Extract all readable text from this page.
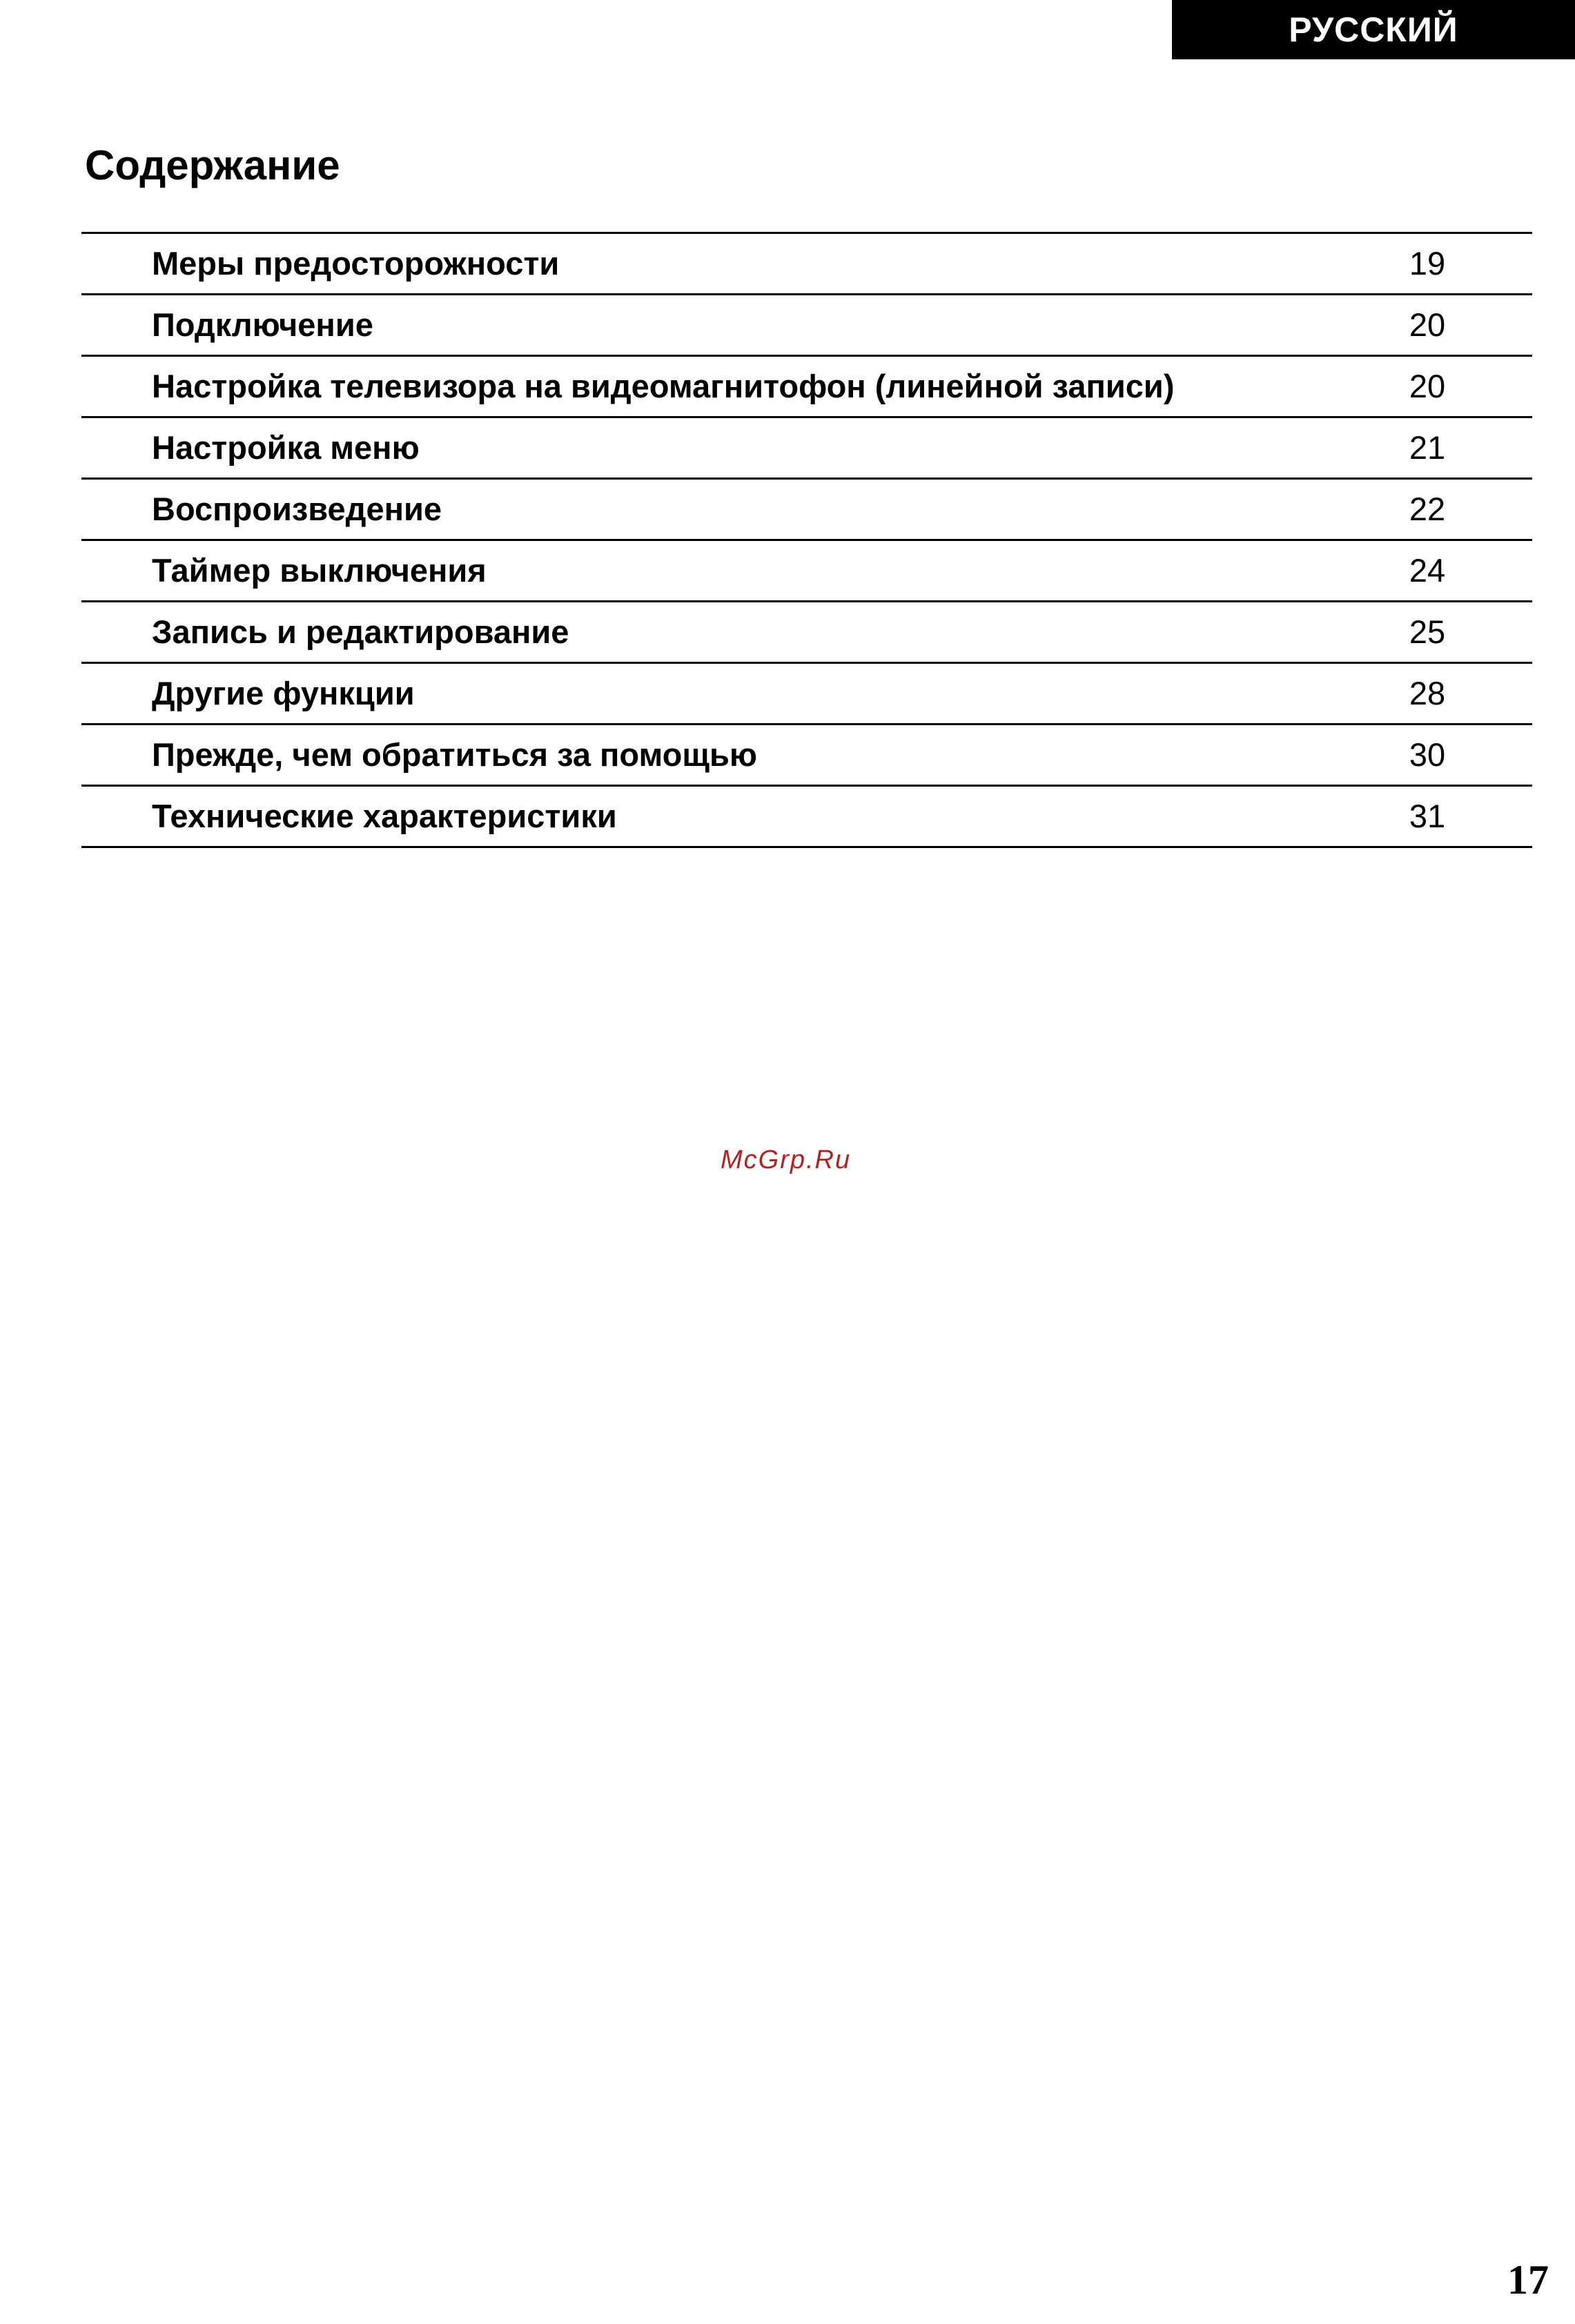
РУССКИЙ
Содержание
Меры предосторожности	19
Подключение	20
Настройка телевизора на видеомагнитофон (линейной записи)	20
Настройка меню	21
Воспроизведение	22
Таймер выключения	24
Запись и редактирование	25
Другие функции	28
Прежде, чем обратиться за помощью	30
Технические характеристики	31
McGrp.Ru
17
